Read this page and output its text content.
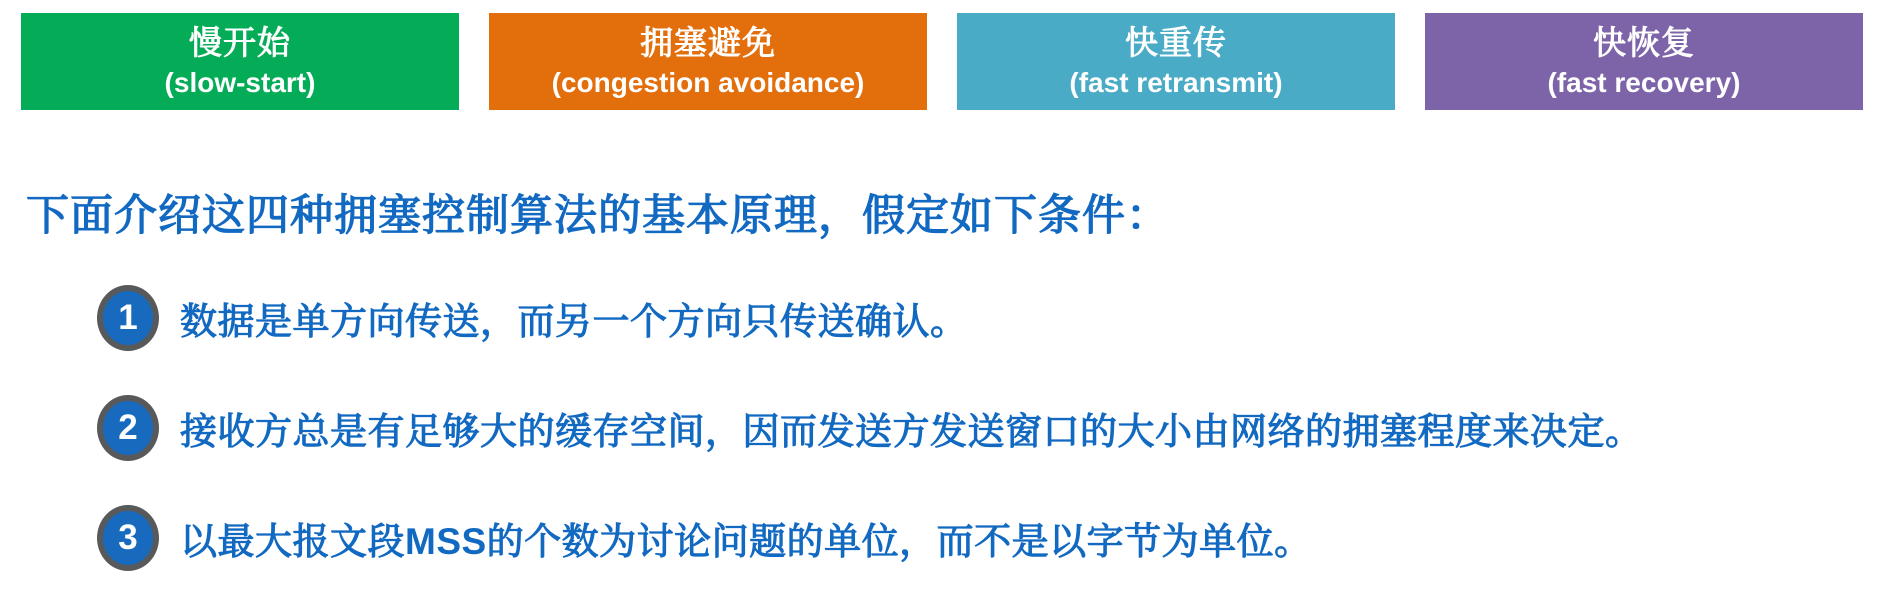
慢开始
(slow-start)
拥塞避免
(congestion avoidance)
快重传
(fast retransmit)
快恢复
(fast recovery)
下面介绍这四种拥塞控制算法的基本原理，假定如下条件：
1	数据是单方向传送，而另一个方向只传送确认。
2	接收方总是有足够大的缓存空间，因而发送方发送窗口的大小由网络的拥塞程度来决定。
3	以最大报文段MSS的个数为讨论问题的单位，而不是以字节为单位。
